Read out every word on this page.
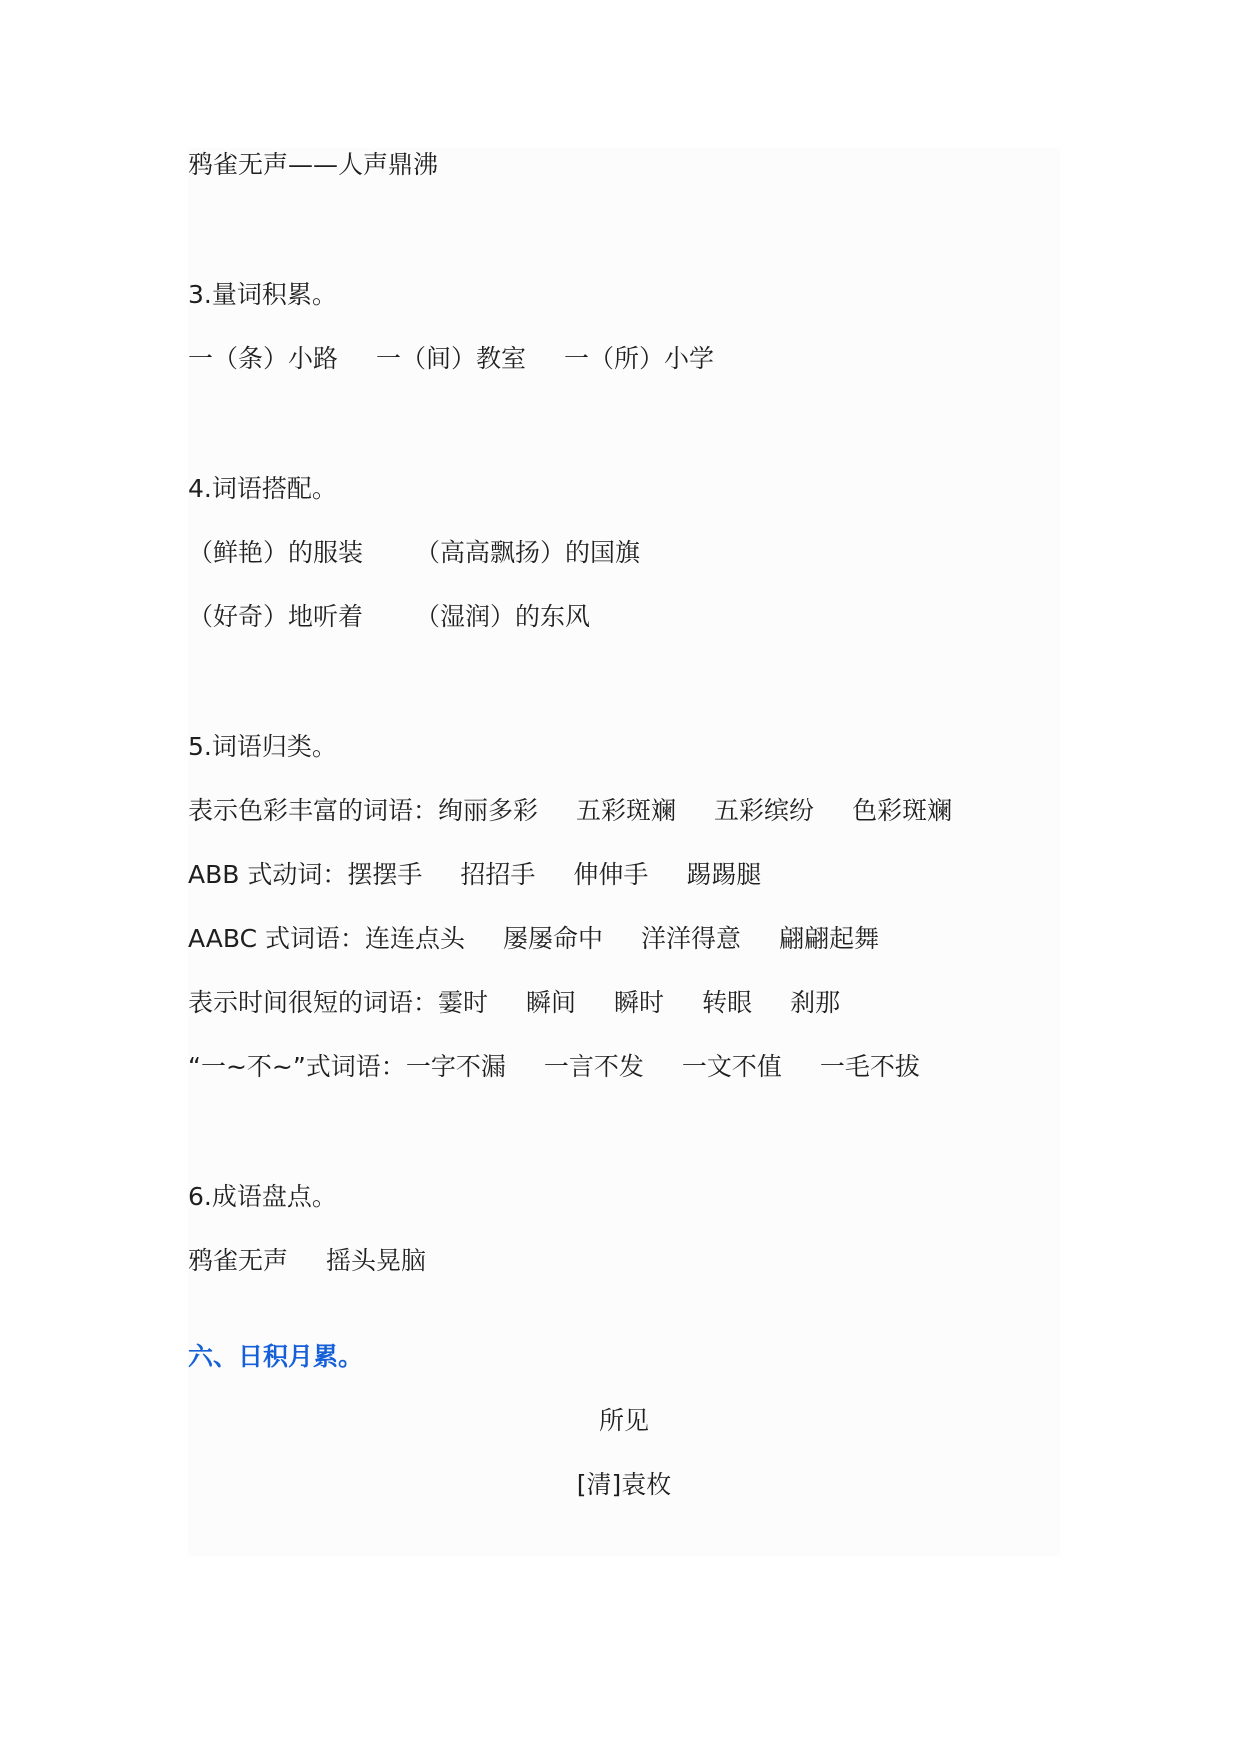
鸦雀无声——人声鼎沸
3.量词积累。
一（条）小路 一（间）教室 一（所）小学
4.词语搭配。
（鲜艳）的服装 （高高飘扬）的国旗
（好奇）地听着 （湿润）的东风
5.词语归类。
表示色彩丰富的词语：绚丽多彩 五彩斑斓 五彩缤纷 色彩斑斓
ABB 式动词：摆摆手 招招手 伸伸手 踢踢腿
AABC 式词语：连连点头 屡屡命中 洋洋得意 翩翩起舞
表示时间很短的词语：霎时 瞬间 瞬时 转眼 刹那
“一~不~”式词语：一字不漏 一言不发 一文不值 一毛不拔
6.成语盘点。
鸦雀无声 摇头晃脑
六、日积月累。
所见
[清]袁枚
